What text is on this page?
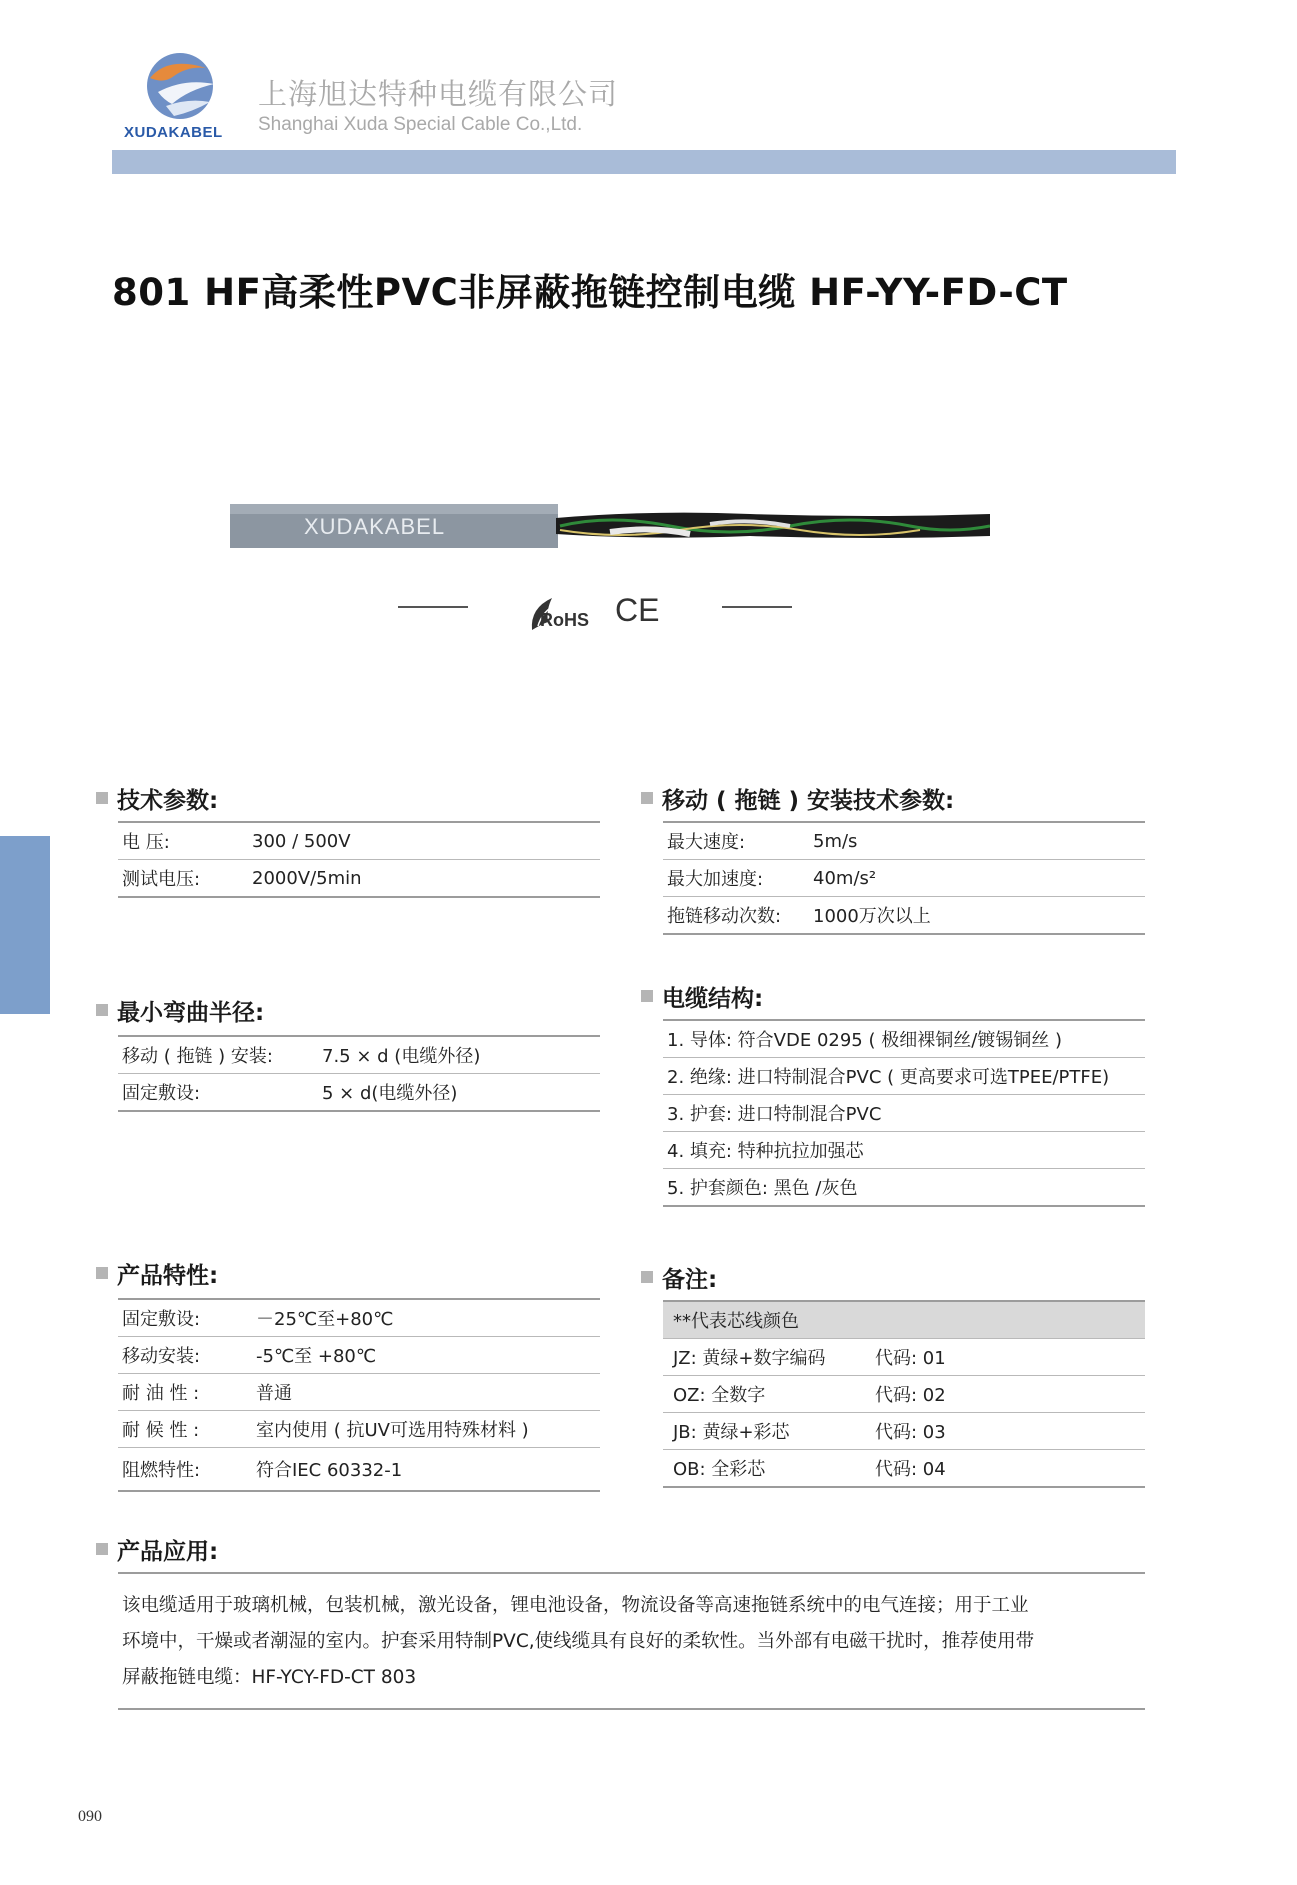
XUDAKABEL
上海旭达特种电缆有限公司
Shanghai Xuda Special Cable Co.,Ltd.
801 HF高柔性PVC非屏蔽拖链控制电缆 HF-YY-FD-CT
XUDAKABEL
RoHS CE
技术参数:
电 压:	300 / 500V
测试电压:	2000V/5min
移动 ( 拖链 ) 安装技术参数:
最大速度:	5m/s
最大加速度:	40m/s²
拖链移动次数:	1000万次以上
最小弯曲半径:
移动 ( 拖链 ) 安装:	7.5 × d (电缆外径)
固定敷设:	5 × d(电缆外径)
电缆结构:
1. 导体: 符合VDE 0295 ( 极细裸铜丝/镀锡铜丝 )
2. 绝缘: 进口特制混合PVC ( 更高要求可选TPEE/PTFE)
3. 护套: 进口特制混合PVC
4. 填充: 特种抗拉加强芯
5. 护套颜色: 黑色 /灰色
产品特性:
固定敷设:	－25℃至+80℃
移动安装:	-5℃至 +80℃
耐 油 性 :	普通
耐 候 性 :	室内使用 ( 抗UV可选用特殊材料 )
阻燃特性:	符合IEC 60332-1
备注:
**代表芯线颜色
JZ: 黄绿+数字编码	代码: 01
OZ: 全数字	代码: 02
JB: 黄绿+彩芯	代码: 03
OB: 全彩芯	代码: 04
产品应用:
该电缆适用于玻璃机械，包装机械，激光设备，锂电池设备，物流设备等高速拖链系统中的电气连接；用于工业
环境中，干燥或者潮湿的室内。护套采用特制PVC,使线缆具有良好的柔软性。当外部有电磁干扰时，推荐使用带
屏蔽拖链电缆：HF-YCY-FD-CT 803
090
